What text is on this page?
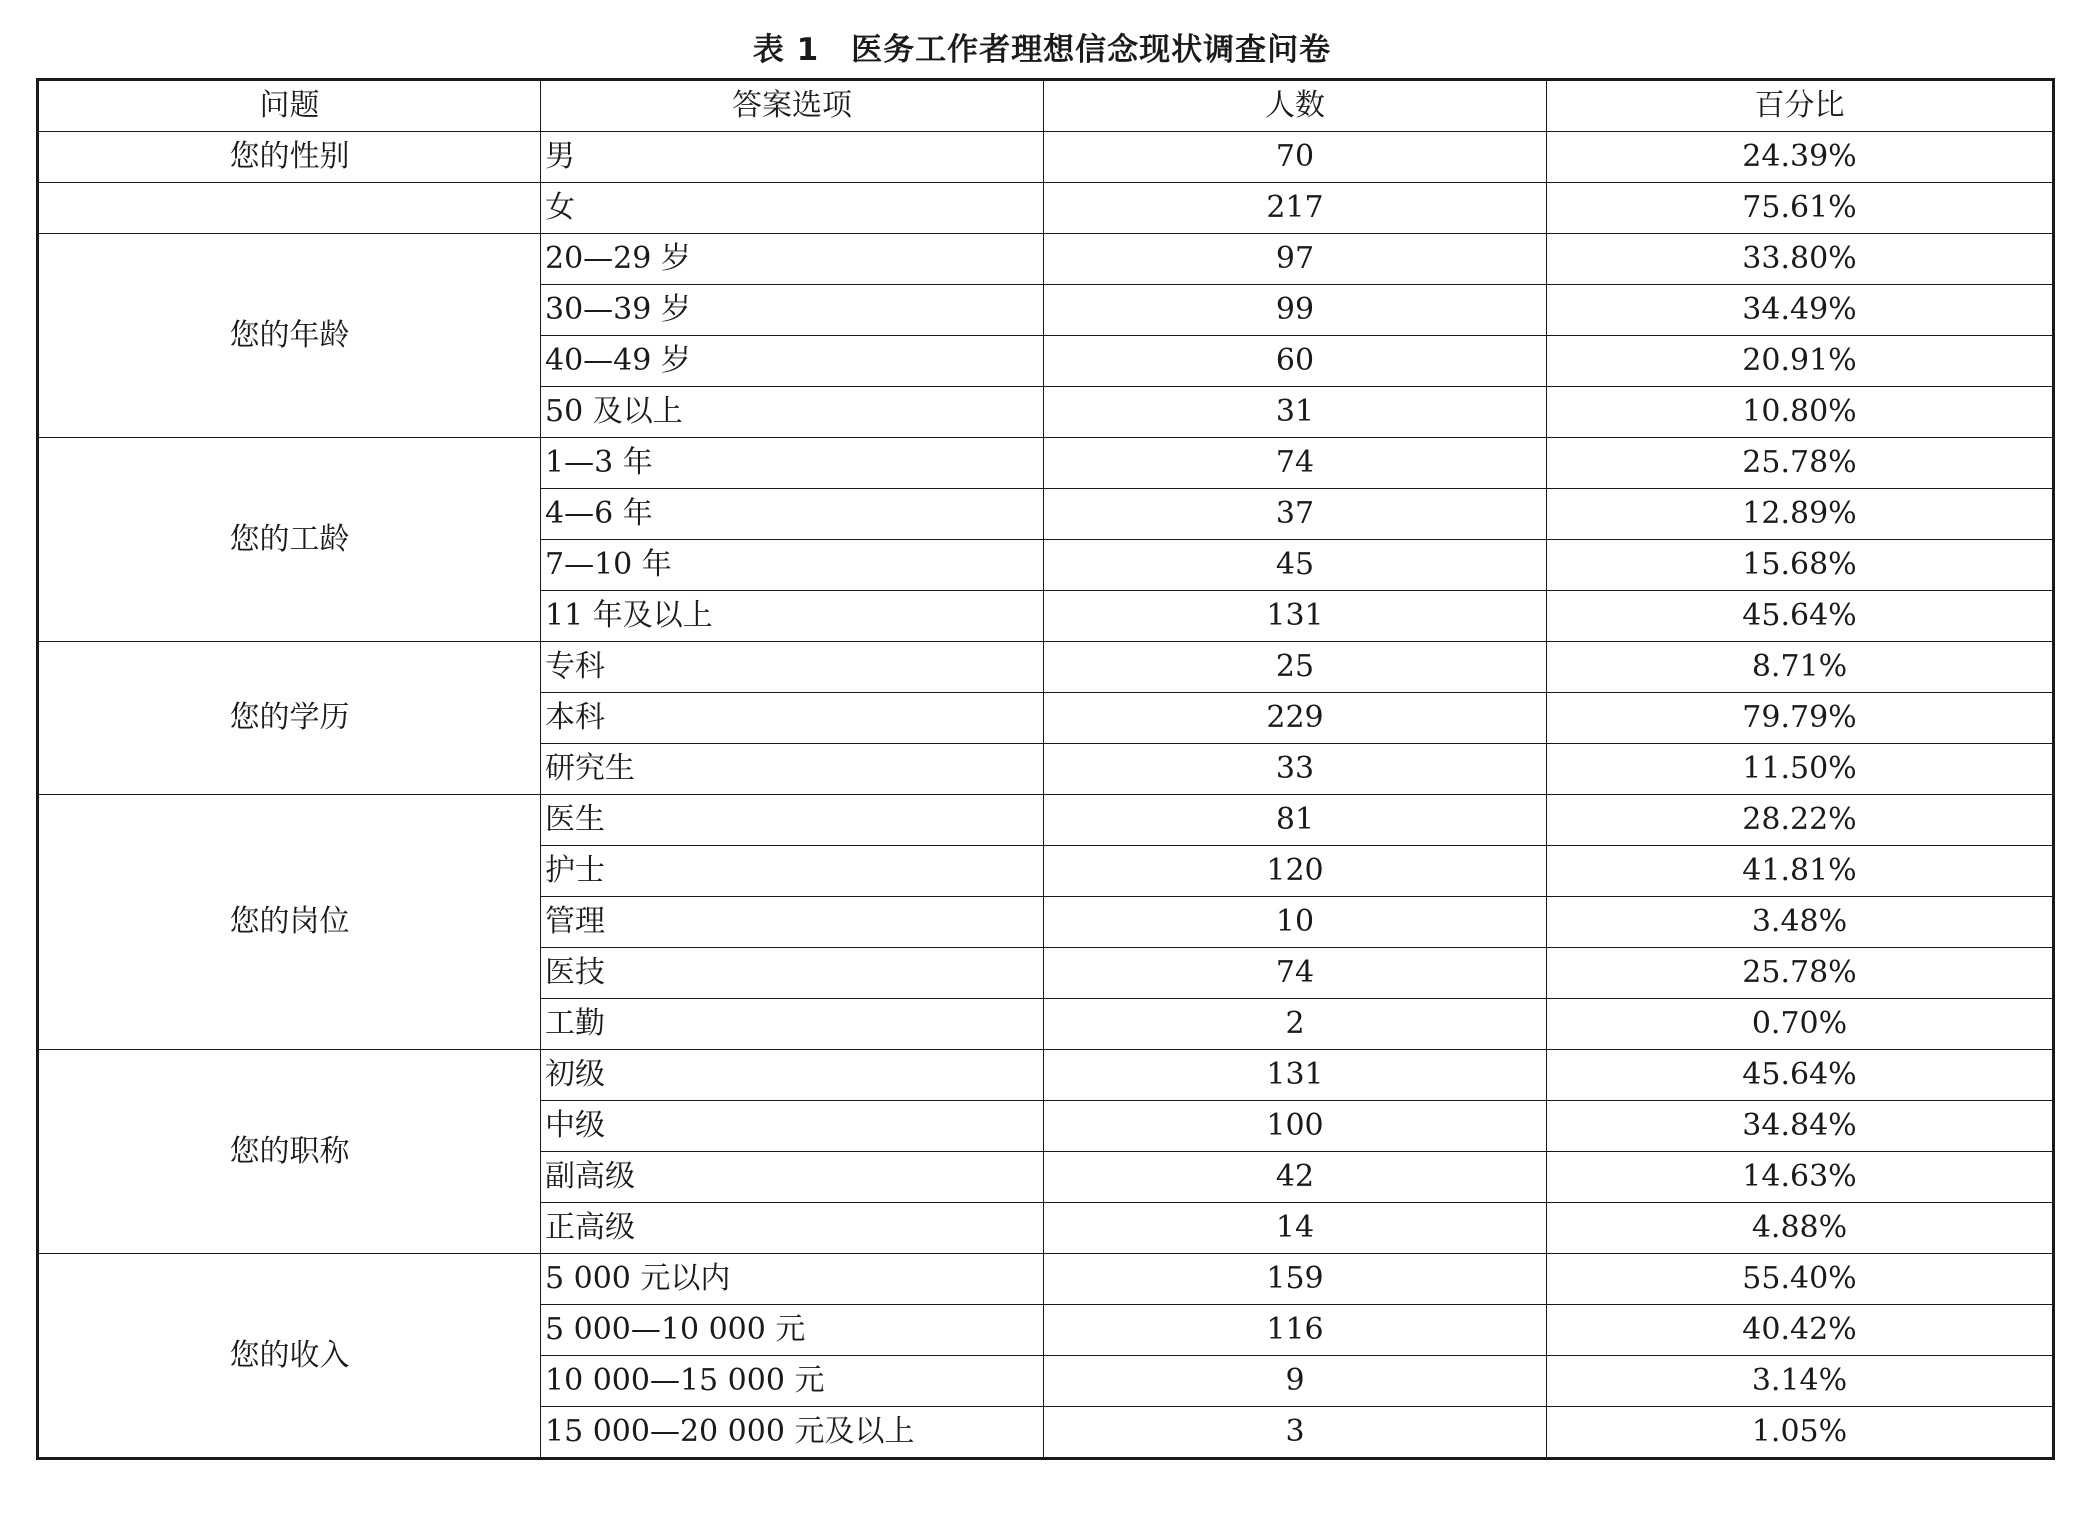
表 1　医务工作者理想信念现状调查问卷
问题	答案选项	人数	百分比
您的性别	男	70	24.39%
	女	217	75.61%
您的年龄	20—29 岁	97	33.80%
	30—39 岁	99	34.49%
	40—49 岁	60	20.91%
	50 及以上	31	10.80%
您的工龄	1—3 年	74	25.78%
	4—6 年	37	12.89%
	7—10 年	45	15.68%
	11 年及以上	131	45.64%
您的学历	专科	25	8.71%
	本科	229	79.79%
	研究生	33	11.50%
您的岗位	医生	81	28.22%
	护士	120	41.81%
	管理	10	3.48%
	医技	74	25.78%
	工勤	2	0.70%
您的职称	初级	131	45.64%
	中级	100	34.84%
	副高级	42	14.63%
	正高级	14	4.88%
您的收入	5 000 元以内	159	55.40%
	5 000—10 000 元	116	40.42%
	10 000—15 000 元	9	3.14%
	15 000—20 000 元及以上	3	1.05%
